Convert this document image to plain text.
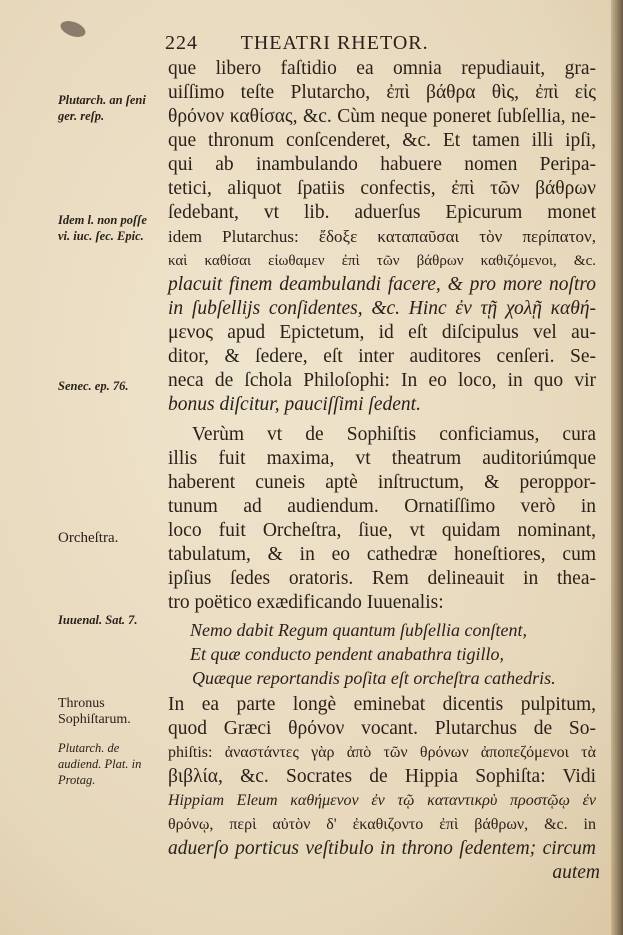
224 THEATRI RHETOR.
que libero faſtidio ea omnia repudiauit, gra-
uiſſimo teſte Plutarcho, ἐπὶ βάθρα θὶς, ἐπὶ εἰς
θρόνον καθίσας, &c. Cùm neque poneret ſubſellia, ne-
que thronum conſcenderet, &c. Et tamen illi ipſi,
qui ab inambulando habuere nomen Peripa-
tetici, aliquot ſpatiis confectis, ἐπὶ τῶν βάθρων
ſedebant, vt lib. aduerſus Epicurum monet
idem Plutarchus: ἔδοξε καταπαῦσαι τὸν περίπατον,
καὶ καθίσαι εἰωθαμεν ἐπὶ τῶν βάθρων καθιζόμενοι, &c.
placuit finem deambulandi facere, & pro more noſtro
in ſubſellijs conſidentes, &c. Hinc ἐν τῇ χολῇ καθή-
μενος apud Epictetum, id eſt diſcipulus vel au-
ditor, & ſedere, eſt inter auditores cenſeri. Se-
neca de ſchola Philoſophi: In eo loco, in quo vir
bonus diſcitur, pauciſſimi ſedent.
Verùm vt de Sophiſtis conficiamus, cura
illis fuit maxima, vt theatrum auditoriúmque
haberent cuneis aptè inſtructum, & peroppor-
tunum ad audiendum. Ornatiſſimo verò in
loco fuit Orcheſtra, ſiue, vt quidam nominant,
tabulatum, & in eo cathedræ honeſtiores, cum
ipſius ſedes oratoris. Rem delineauit in thea-
tro poëtico exædificando Iuuenalis:
Nemo dabit Regum quantum ſubſellia conſtent,
Et quæ conducto pendent anabathra tigillo,
Quæque reportandis poſita eſt orcheſtra cathedris.
In ea parte longè eminebat dicentis pulpitum,
quod Græci θρόνον vocant. Plutarchus de So-
phiſtis: ἀναστάντες γὰρ ἀπὸ τῶν θρόνων ἀποπεζόμενοι τὰ
βιβλία, &c. Socrates de Hippia Sophiſta: Vidi
Hippiam Eleum καθήμενον ἐν τῷ καταντικρὺ προστῷῳ ἐν
θρόνῳ, περὶ αὐτὸν δ' ἐκαθιζοντο ἐπὶ βάθρων, &c. in
aduerſo porticus veſtibulo in throno ſedentem; circum
autem
Plutarch. an ſeni ger. reſp.
Idem l. non poſſe vi. iuc. ſec. Epic.
Senec. ep. 76.
Orcheſtra.
Iuuenal. Sat. 7.
Thronus Sophiſtarum.
Plutarch. de audiend. Plat. in Protag.
